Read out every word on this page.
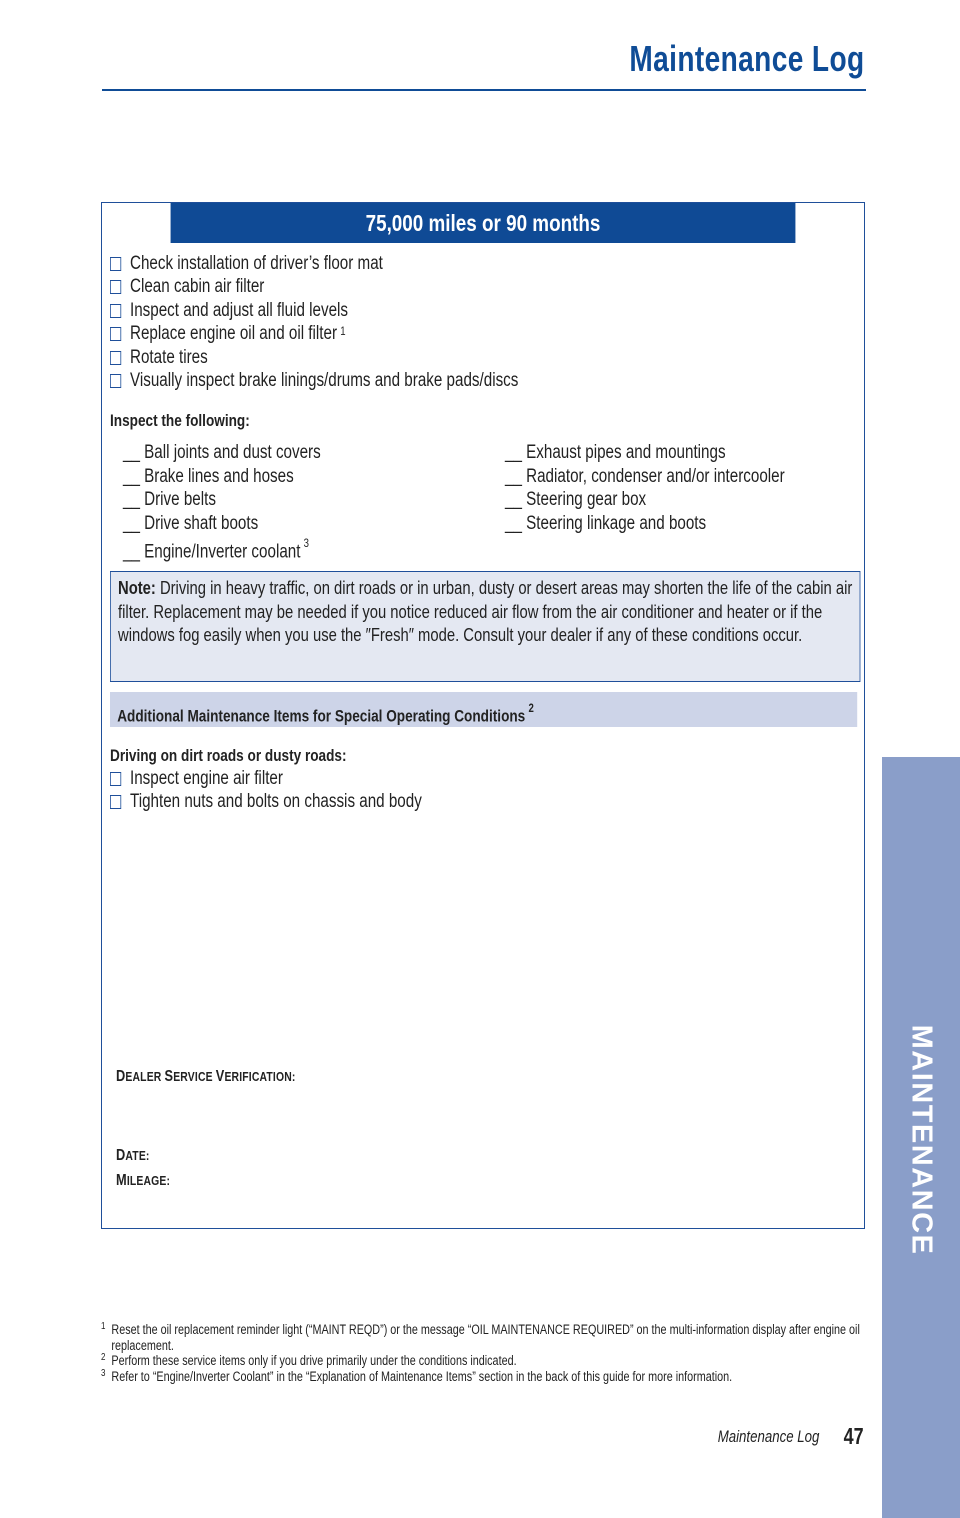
Maintenance Log
75,000 miles or 90 months
Check installation of driver’s floor mat
Clean cabin air filter
Inspect and adjust all fluid levels
Replace engine oil and oil filter $^1$
Rotate tires
Visually inspect brake linings/drums and brake pads/discs
Inspect the following:
__ Ball joints and dust covers
__ Brake lines and hoses
__ Drive belts
__ Drive shaft boots
__ Engine/Inverter coolant $^3$
__ Exhaust pipes and mountings
__ Radiator, condenser and/or intercooler
__ Steering gear box
__ Steering linkage and boots
Note: Driving in heavy traffic, on dirt roads or in urban, dusty or desert areas may shorten the life of the cabin air filter. Replacement may be needed if you notice reduced air flow from the air conditioner and heater or if the windows fog easily when you use the ″Fresh″ mode. Consult your dealer if any of these conditions occur.
Additional Maintenance Items for Special Operating Conditions $^2$
Driving on dirt roads or dusty roads:
Inspect engine air filter
Tighten nuts and bolts on chassis and body
DEALER SERVICE VERIFICATION:
DATE:
MILEAGE:
1 Reset the oil replacement reminder light (“MAINT REQD”) or the message “OIL MAINTENANCE REQUIRED” on the multi-information display after engine oil replacement.
2 Perform these service items only if you drive primarily under the conditions indicated.
3 Refer to “Engine/Inverter Coolant” in the “Explanation of Maintenance Items” section in the back of this guide for more information.
Maintenance Log 47
MAINTENANCE
